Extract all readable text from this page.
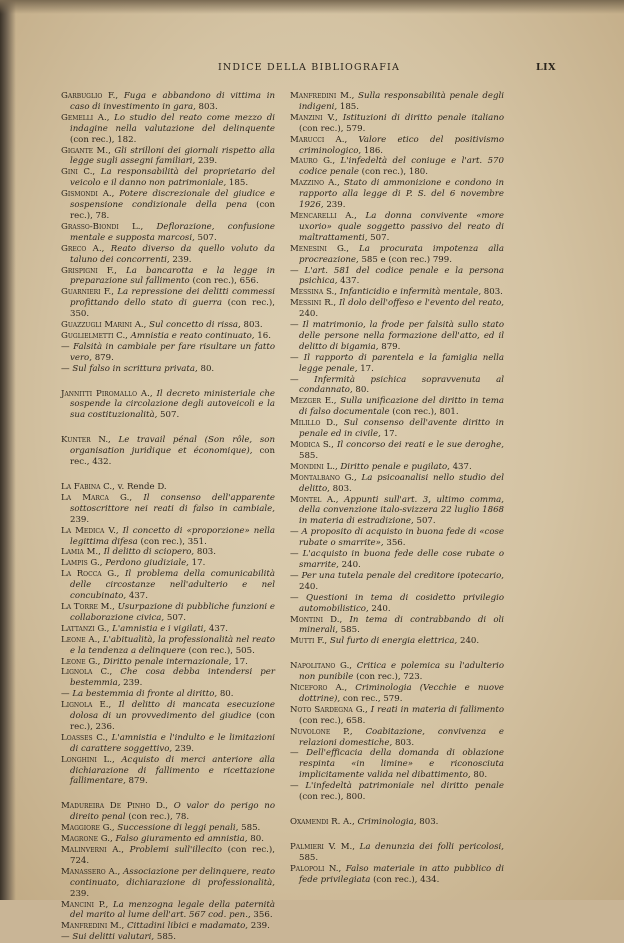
INDICE DELLA BIBLIOGRAFIA	LIX

Garbuglio F., Fuga e abbandono di vittima in caso di investimento in gara, 803.

Gemelli A., Lo studio del reato come mezzo di indagine nella valutazione del delinquente (con rec.), 182.

Gigante M., Gli strilloni dei giornali rispetto alla legge sugli assegni familiari, 239.

Gini C., La responsabilità del proprietario del veicolo e il danno non patrimoniale, 185.

Gismondi A., Potere discrezionale del giudice e sospensione condizionale della pena (con rec.), 78.

Grasso-Biondi L., Deflorazione, confusione mentale e supposta marcosi, 507.

Greco A., Reato diverso da quello voluto da taluno dei concorrenti, 239.

Grispigni F., La bancarotta e la legge in preparazione sul fallimento (con rec.), 656.

Guarnieri F., La repressione dei delitti commessi profittando dello stato di guerra (con rec.), 350.

Guazzugli Marini A., Sul concetto di rissa, 803.

Guglielmetti C., Amnistia e reato continuato, 16.

— Falsità in cambiale per fare risultare un fatto vero, 879.

— Sul falso in scrittura privata, 80.

Jannitti Piromallo A., Il decreto ministeriale che sospende la circolazione degli autoveicoli e la sua costituzionalità, 507.

Kunter N., Le travail pénal (Son rôle, son organisation juridique et économique), con rec., 432.

La Fabina C., v. Rende D.

La Marca G., Il consenso dell'apparente sottoscrittore nei reati di falso in cambiale, 239.

La Medica V., Il concetto di «proporzione» nella legittima difesa (con rec.), 351.

Lamia M., Il delitto di sciopero, 803.

Lampis G., Perdono giudiziale, 17.

La Rocca G., Il problema della comunicabilità delle circostanze nell'adulterio e nel concubinato, 437.

La Torre M., Usurpazione di pubbliche funzioni e collaborazione civica, 507.

Lattanzi G., L'amnistia e i vigilati, 437.

Leone A., L'abitualità, la professionalità nel reato e la tendenza a delinquere (con rec.), 505.

Leone G., Diritto penale internazionale, 17.

Lignola C., Che cosa debba intendersi per bestemmia, 239.

— La bestemmia di fronte al diritto, 80.

Lignola E., Il delitto di mancata esecuzione dolosa di un provvedimento del giudice (con rec.), 236.

Loasses C., L'amnistia e l'indulto e le limitazioni di carattere soggettivo, 239.

Longhini L., Acquisto di merci anteriore alla dichiarazione di fallimento e ricettazione fallimentare, 879.

Madureira De Pinho D., O valor do perigo no direito penal (con rec.), 78.

Maggiore G., Successione di leggi penali, 585.

Magrone G., Falso giuramento ed amnistia, 80.

Malinverni A., Problemi sull'illecito (con rec.), 724.

Manassero A., Associazione per delinquere, reato continuato, dichiarazione di professionalità, 239.

Mancini P., La menzogna legale della paternità del marito al lume dell'art. 567 cod. pen., 356.

Manfredini M., Cittadini libici e madamato, 239.

— Sui delitti valutari, 585.

Manfredini M., Sulla responsabilità penale degli indigeni, 185.

Manzini V., Istituzioni di diritto penale italiano (con rec.), 579.

Marucci A., Valore etico del positivismo criminologico, 186.

Mauro G., L'infedeltà del coniuge e l'art. 570 codice penale (con rec.), 180.

Mazzino A., Stato di ammonizione e condono in rapporto alla legge di P. S. del 6 novembre 1926, 239.

Mencarelli A., La donna convivente «more uxorio» quale soggetto passivo del reato di maltrattamenti, 507.

Menesini G., La procurata impotenza alla procreazione, 585 e (con rec.) 799.

— L'art. 581 del codice penale e la persona psichica, 437.

Messina S., Infanticidio e infermità mentale, 803.

Messini R., Il dolo dell'offeso e l'evento del reato, 240.

— Il matrimonio, la frode per falsità sullo stato delle persone nella formazione dell'atto, ed il delitto di bigamia, 879.

— Il rapporto di parentela e la famiglia nella legge penale, 17.

— Infermità psichica sopravvenuta al condannato, 80.

Mezger E., Sulla unificazione del diritto in tema di falso documentale (con rec.), 801.

Milillo D., Sul consenso dell'avente diritto in penale ed in civile, 17.

Modica S., Il concorso dei reati e le sue deroghe, 585.

Mondini L., Diritto penale e pugilato, 437.

Montalbano G., La psicoanalisi nello studio del delitto, 803.

Montel A., Appunti sull'art. 3, ultimo comma, della convenzione italo-svizzera 22 luglio 1868 in materia di estradizione, 507.

— A proposito di acquisto in buona fede di «cose rubate o smarrite», 356.

— L'acquisto in buona fede delle cose rubate o smarrite, 240.

— Per una tutela penale del creditore ipotecario, 240.

— Questioni in tema di cosidetto privilegio automobilistico, 240.

Montini D., In tema di contrabbando di oli minerali, 585.

Mutti F., Sul furto di energia elettrica, 240.

Napolitano G., Critica e polemica su l'adulterio non punibile (con rec.), 723.

Niceforo A., Criminologia (Vecchie e nuove dottrine), con rec., 579.

Noto Sardegna G., I reati in materia di fallimento (con rec.), 658.

Nuvolone P., Coabitazione, convivenza e relazioni domestiche, 803.

— Dell'efficacia della domanda di oblazione respinta «in limine» e riconosciuta implicitamente valida nel dibattimento, 80.

— L'infedeltà patrimoniale nel diritto penale (con rec.), 800.

Oxamendi R. A., Criminologia, 803.

Palmieri V. M., La denunzia dei folli pericolosi, 585.

Palopoli N., Falso materiale in atto pubblico di fede privilegiata (con rec.), 434.
